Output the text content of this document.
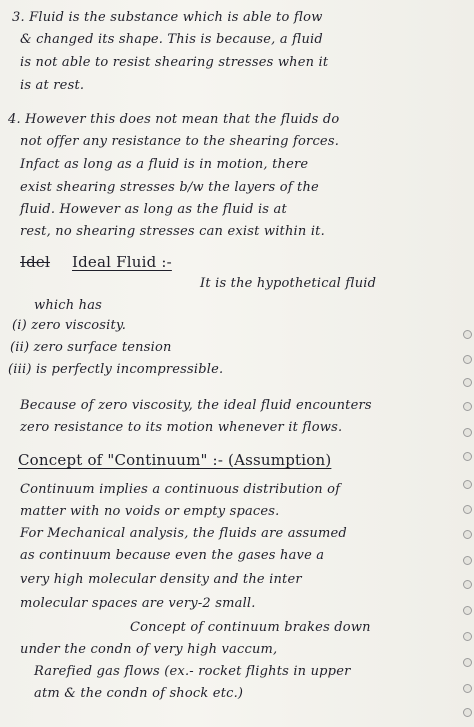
3. Fluid is the substance which is able to flow
& changed its shape. This is because, a fluid
is not able to resist shearing stresses when it
is at rest.
4. However this does not mean that the fluids do
not offer any resistance to the shearing forces.
Infact as long as a fluid is in motion, there
exist shearing stresses b/w the layers of the
fluid. However as long as the fluid is at
rest, no shearing stresses can exist within it.
Idel Ideal Fluid :-
It is the hypothetical fluid
which has
(i) zero viscosity.
(ii) zero surface tension
(iii) is perfectly incompressible.
Because of zero viscosity, the ideal fluid encounters
zero resistance to its motion whenever it flows.
Concept of "Continuum" :- (Assumption)
Continuum implies a continuous distribution of
matter with no voids or empty spaces.
For Mechanical analysis, the fluids are assumed
as continuum because even the gases have a
very high molecular density and the inter
molecular spaces are very-2 small.
Concept of continuum brakes down
under the condn of very high vaccum,
Rarefied gas flows (ex.- rocket flights in upper
atm & the condn of shock etc.)
